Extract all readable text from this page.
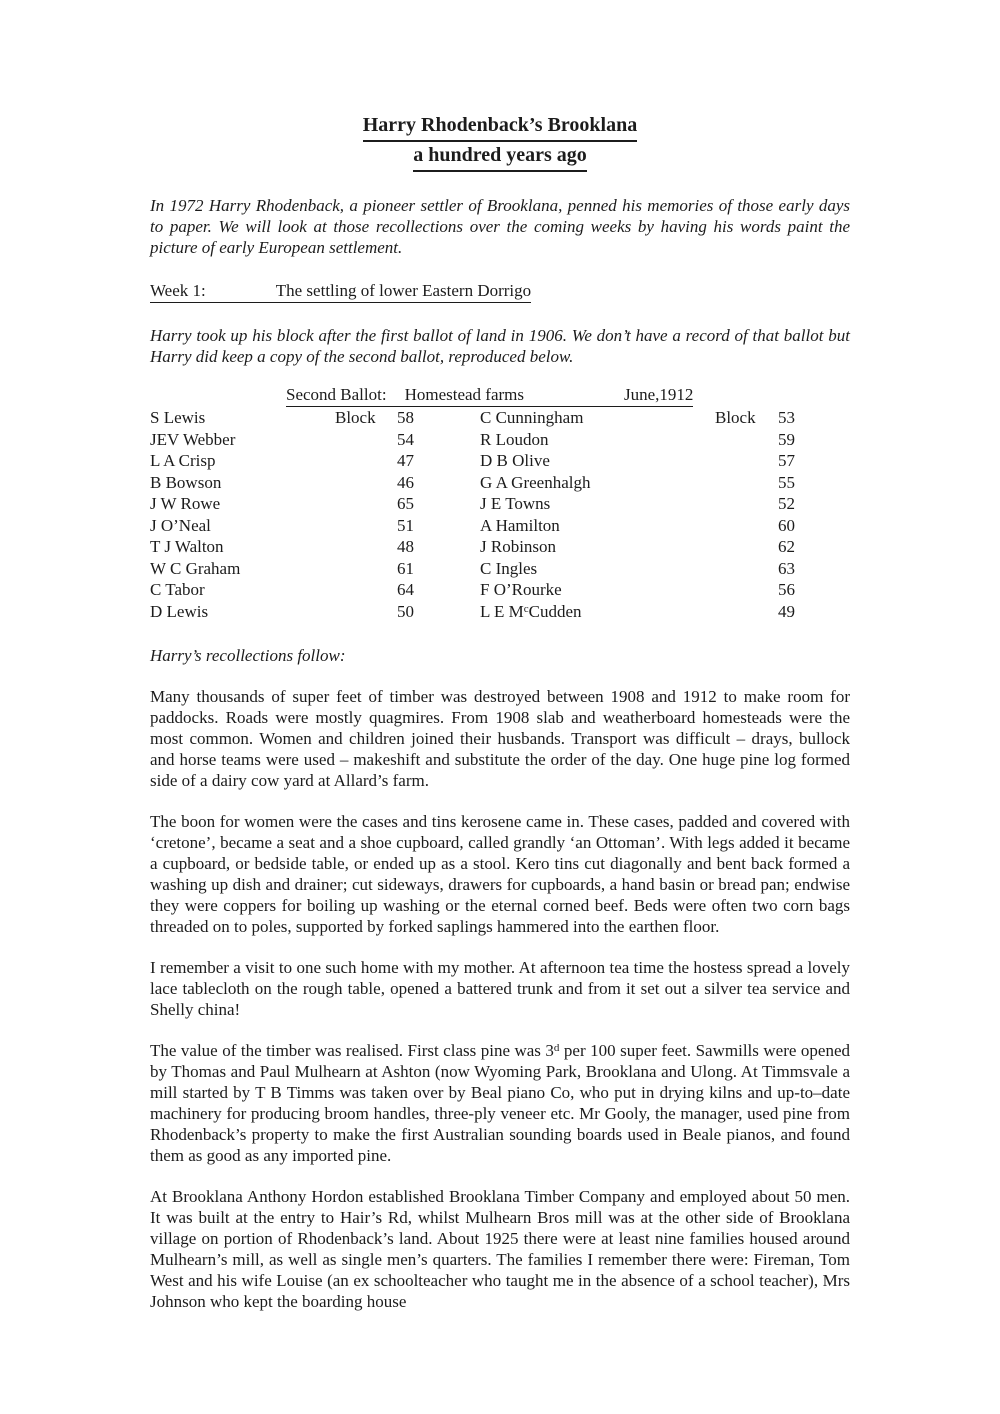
Harry Rhodenback’s Brooklana
a hundred years ago

In 1972 Harry Rhodenback, a pioneer settler of Brooklana, penned his memories of those early days to paper. We will look at those recollections over the coming weeks by having his words paint the picture of early European settlement.

Week 1:	The settling of lower Eastern Dorrigo

Harry took up his block after the first ballot of land in 1906. We don’t have a record of that ballot but Harry did keep a copy of the second ballot, reproduced below.

Second Ballot: Homestead farms	June,1912
S Lewis	Block	58	C Cunningham	Block	53
JEV Webber	54	R Loudon	59
L A Crisp	47	D B Olive	57
B Bowson	46	G A Greenhalgh	55
J W Rowe	65	J E Towns	52
J O’Neal	51	A Hamilton	60
T J Walton	48	J Robinson	62
W C Graham	61	C Ingles	63
C Tabor	64	F O’Rourke	56
D Lewis	50	L E $M^cCudden$	49
Harry’s recollections follow:

Many thousands of super feet of timber was destroyed between 1908 and 1912 to make room for paddocks. Roads were mostly quagmires. From 1908 slab and weatherboard homesteads were the most common. Women and children joined their husbands. Transport was difficult – drays, bullock and horse teams were used – makeshift and substitute the order of the day. One huge pine log formed side of a dairy cow yard at Allard’s farm.

The boon for women were the cases and tins kerosene came in. These cases, padded and covered with ‘cretone’, became a seat and a shoe cupboard, called grandly ‘an Ottoman’. With legs added it became a cupboard, or bedside table, or ended up as a stool. Kero tins cut diagonally and bent back formed a washing up dish and drainer; cut sideways, drawers for cupboards, a hand basin or bread pan; endwise they were coppers for boiling up washing or the eternal corned beef. Beds were often two corn bags threaded on to poles, supported by forked saplings hammered into the earthen floor.

I remember a visit to one such home with my mother. At afternoon tea time the hostess spread a lovely lace tablecloth on the rough table, opened a battered trunk and from it set out a silver tea service and Shelly china!

The value of the timber was realised. First class pine was 3$^d$ per 100 super feet. Sawmills were opened by Thomas and Paul Mulhearn at Ashton (now Wyoming Park, Brooklana and Ulong. At Timmsvale a mill started by T B Timms was taken over by Beal piano Co, who put in drying kilns and up-to–date machinery for producing broom handles, three-ply veneer etc. Mr Gooly, the manager, used pine from Rhodenback’s property to make the first Australian sounding boards used in Beale pianos, and found them as good as any imported pine.

At Brooklana Anthony Hordon established Brooklana Timber Company and employed about 50 men. It was built at the entry to Hair’s Rd, whilst Mulhearn Bros mill was at the other side of Brooklana village on portion of Rhodenback’s land. About 1925 there were at least nine families housed around Mulhearn’s mill, as well as single men’s quarters. The families I remember there were: Fireman, Tom West and his wife Louise (an ex schoolteacher who taught me in the absence of a school teacher), Mrs Johnson who kept the boarding house
